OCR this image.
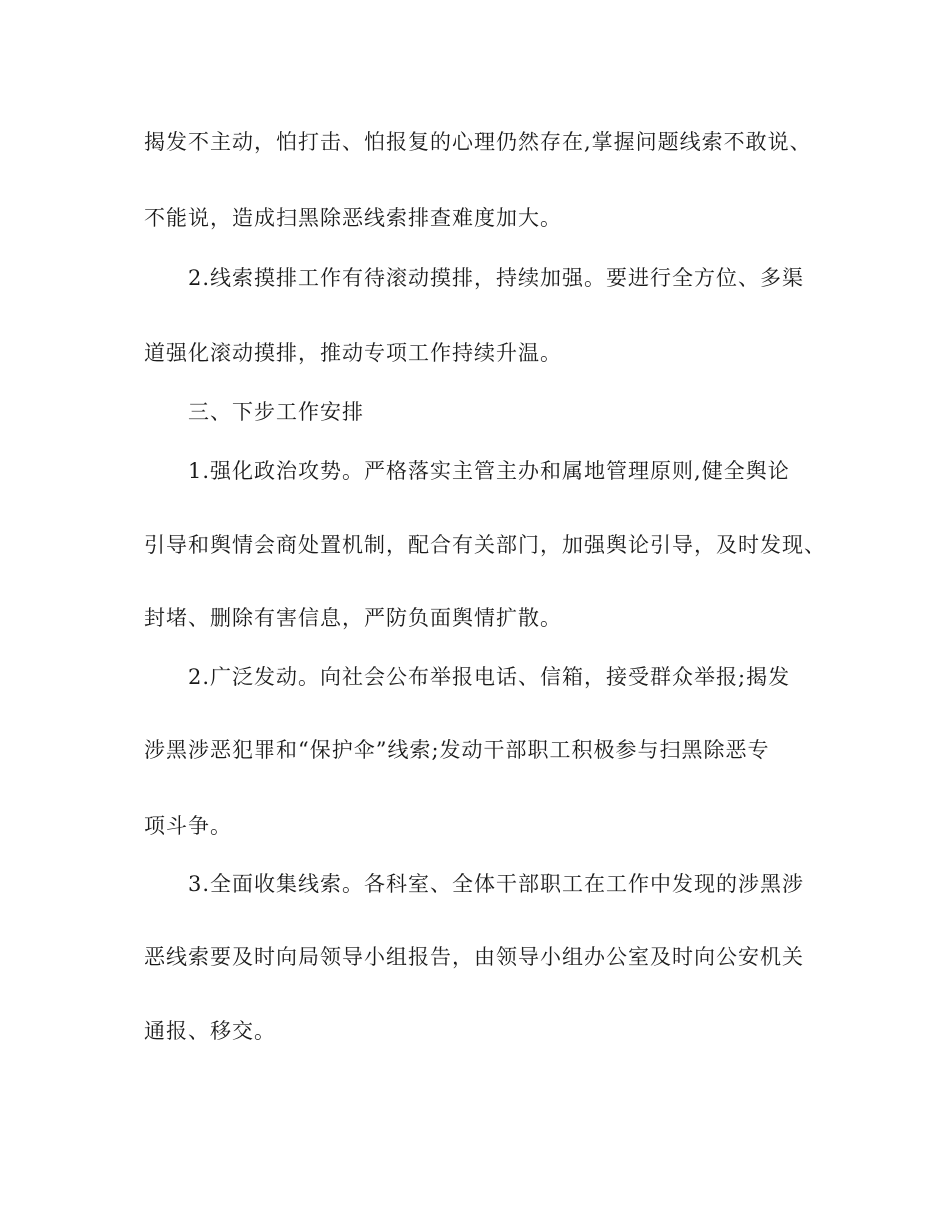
揭发不主动，怕打击、怕报复的心理仍然存在,掌握问题线索不敢说、
不能说，造成扫黑除恶线索排查难度加大。
2.线索摸排工作有待滚动摸排，持续加强。要进行全方位、多渠
道强化滚动摸排，推动专项工作持续升温。
三、下步工作安排
1.强化政治攻势。严格落实主管主办和属地管理原则,健全舆论
引导和舆情会商处置机制，配合有关部门，加强舆论引导，及时发现、
封堵、删除有害信息，严防负面舆情扩散。
2.广泛发动。向社会公布举报电话、信箱，接受群众举报;揭发
涉黑涉恶犯罪和“保护伞”线索;发动干部职工积极参与扫黑除恶专
项斗争。
3.全面收集线索。各科室、全体干部职工在工作中发现的涉黑涉
恶线索要及时向局领导小组报告，由领导小组办公室及时向公安机关
通报、移交。
